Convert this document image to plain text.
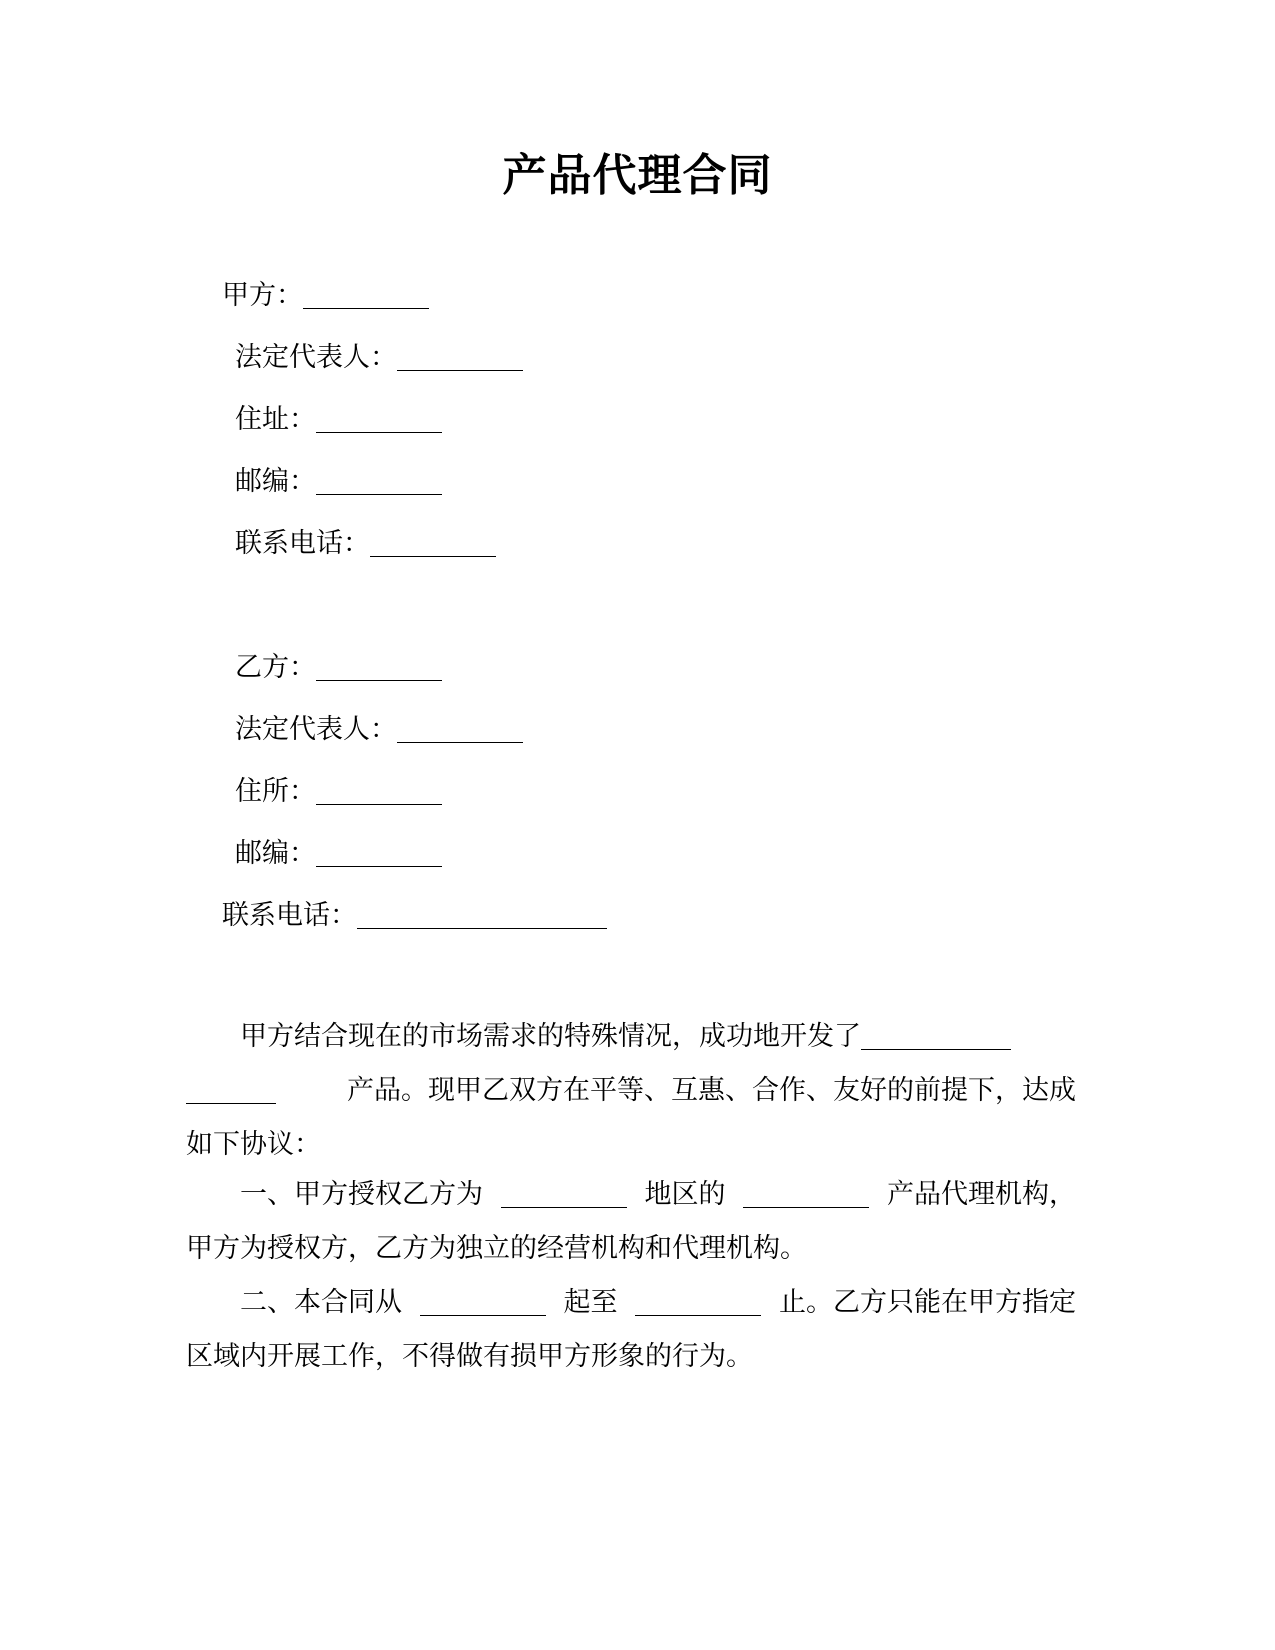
产品代理合同
甲方：
法定代表人：
住址：
邮编：
联系电话：
乙方：
法定代表人：
住所：
邮编：
联系电话：
甲方结合现在的市场需求的特殊情况，成功地开发了
产品。现甲乙双方在平等、互惠、合作、友好的前提下，达成
如下协议：
一、甲方授权乙方为	地区的	产品代理机构，
甲方为授权方，乙方为独立的经营机构和代理机构。
二、本合同从	起至	止。乙方只能在甲方指定
区域内开展工作，不得做有损甲方形象的行为。
